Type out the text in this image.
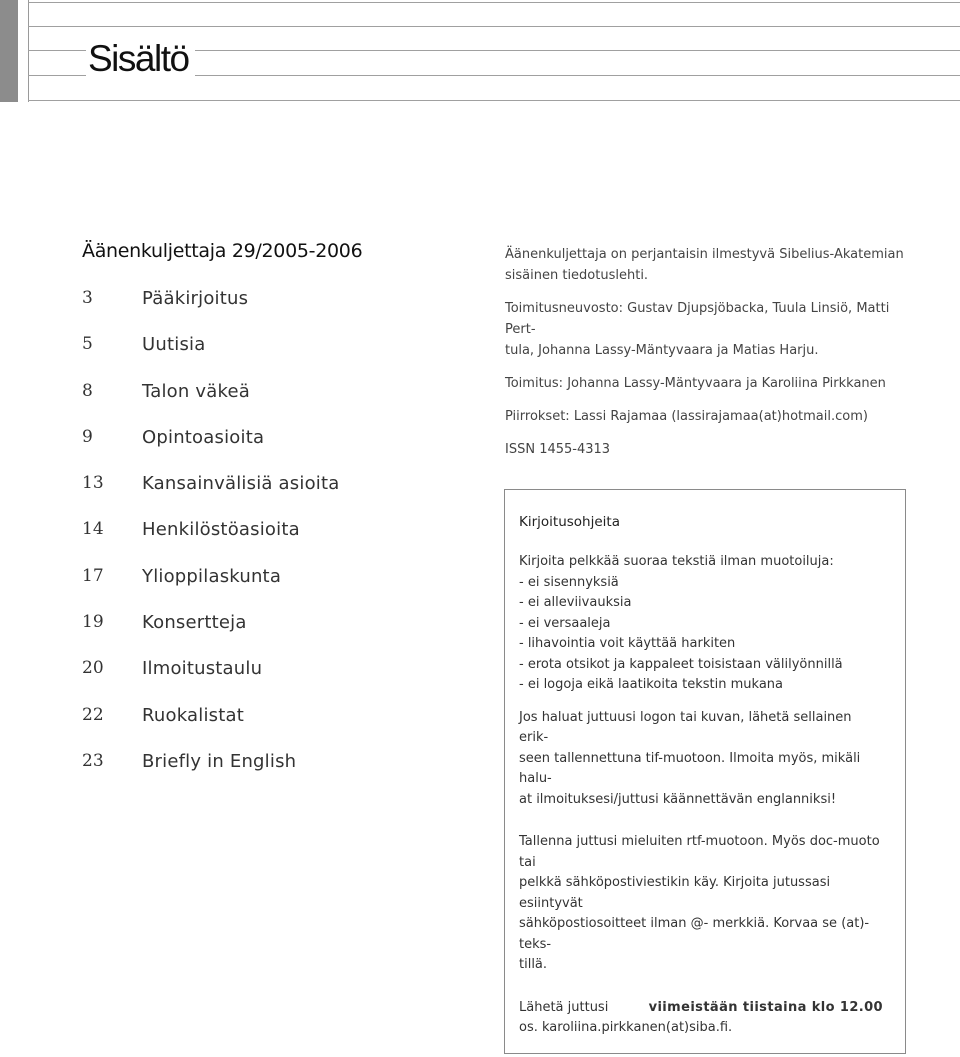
Sisältö
Äänenkuljettaja 29/2005-2006
3	Pääkirjoitus
5	Uutisia
8	Talon väkeä
9	Opintoasioita
13	Kansainvälisiä asioita
14	Henkilöstöasioita
17	Ylioppilaskunta
19	Konsertteja
20	Ilmoitustaulu
22	Ruokalistat
23	Briefly in English

Äänenkuljettaja on perjantaisin ilmestyvä Sibelius-Akatemian

sisäinen tiedotuslehti.

Toimitusneuvosto: Gustav Djupsjöbacka, Tuula Linsiö, Matti Pert-

tula, Johanna Lassy-Mäntyvaara ja Matias Harju.

Toimitus: Johanna Lassy-Mäntyvaara ja Karoliina Pirkkanen

Piirrokset: Lassi Rajamaa (lassirajamaa(at)hotmail.com)

ISSN 1455-4313

Kirjoitusohjeita

Kirjoita pelkkää suoraa tekstiä ilman muotoiluja:

- ei sisennyksiä
- ei alleviivauksia
- ei versaaleja
- lihavointia voit käyttää harkiten
- erota otsikot ja kappaleet toisistaan välilyönnillä
- ei logoja eikä laatikoita tekstin mukana

Jos haluat juttuusi logon tai kuvan, lähetä sellainen erik-

seen tallennettuna tif-muotoon. Ilmoita myös, mikäli halu-

at ilmoituksesi/juttusi käännettävän englanniksi!

Tallenna juttusi mieluiten rtf-muotoon. Myös doc-muoto tai

pelkkä sähköpostiviestikin käy. Kirjoita jutussasi esiintyvät

sähköpostiosoitteet ilman @- merkkiä. Korvaa se (at)-teks-

tillä.

Lähetä juttusi	viimeistään tiistaina klo 12.00

os. karoliina.pirkkanen(at)siba.fi.
